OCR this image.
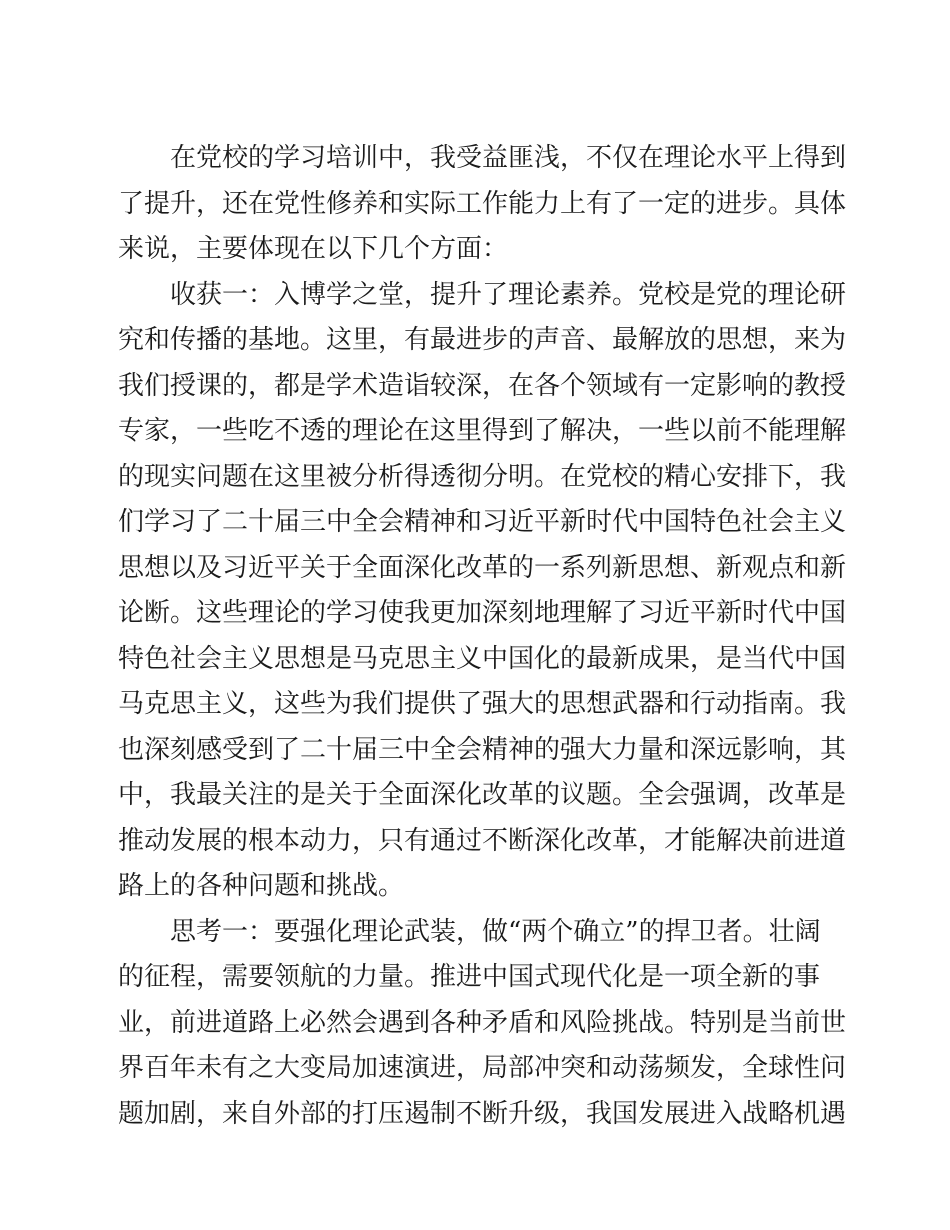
在党校的学习培训中，我受益匪浅，不仅在理论水平上得到
了提升，还在党性修养和实际工作能力上有了一定的进步。具体
来说，主要体现在以下几个方面：
收获一：入博学之堂，提升了理论素养。党校是党的理论研
究和传播的基地。这里，有最进步的声音、最解放的思想，来为
我们授课的，都是学术造诣较深，在各个领域有一定影响的教授
专家，一些吃不透的理论在这里得到了解决，一些以前不能理解
的现实问题在这里被分析得透彻分明。在党校的精心安排下，我
们学习了二十届三中全会精神和习近平新时代中国特色社会主义
思想以及习近平关于全面深化改革的一系列新思想、新观点和新
论断。这些理论的学习使我更加深刻地理解了习近平新时代中国
特色社会主义思想是马克思主义中国化的最新成果，是当代中国
马克思主义，这些为我们提供了强大的思想武器和行动指南。我
也深刻感受到了二十届三中全会精神的强大力量和深远影响，其
中，我最关注的是关于全面深化改革的议题。全会强调，改革是
推动发展的根本动力，只有通过不断深化改革，才能解决前进道
路上的各种问题和挑战。
思考一：要强化理论武装，做“两个确立”的捍卫者。壮阔
的征程，需要领航的力量。推进中国式现代化是一项全新的事
业，前进道路上必然会遇到各种矛盾和风险挑战。特别是当前世
界百年未有之大变局加速演进，局部冲突和动荡频发，全球性问
题加剧，来自外部的打压遏制不断升级，我国发展进入战略机遇
